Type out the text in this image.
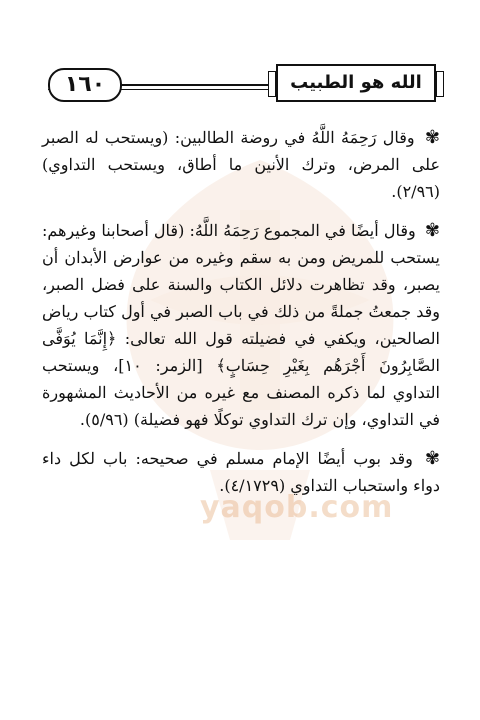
yaqob.com
١٦٠	الله هو الطبيب

✾ وقال رَحِمَهُ اللَّهُ في روضة الطالبين: (ويستحب له الصبر على المرض، وترك الأنين ما أطاق، ويستحب التداوي) (٢/٩٦).

✾ وقال أيضًا في المجموع رَحِمَهُ اللَّهُ: (قال أصحابنا وغيرهم: يستحب للمريض ومن به سقم وغيره من عوارض الأبدان أن يصبر، وقد تظاهرت دلائل الكتاب والسنة على فضل الصبر، وقد جمعتُ جملةً من ذلك في باب الصبر في أول كتاب رياض الصالحين، ويكفي في فضيلته قول الله تعالى: ﴿إِنَّمَا يُوَفَّى الصَّابِرُونَ أَجْرَهُم بِغَيْرِ حِسَابٍ﴾ [الزمر: ١٠]، ويستحب التداوي لما ذكره المصنف مع غيره من الأحاديث المشهورة في التداوي، وإن ترك التداوي توكلًا فهو فضيلة) (٥/٩٦).

✾ وقد بوب أيضًا الإمام مسلم في صحيحه: باب لكل داء دواء واستحباب التداوي (٤/١٧٢٩).
